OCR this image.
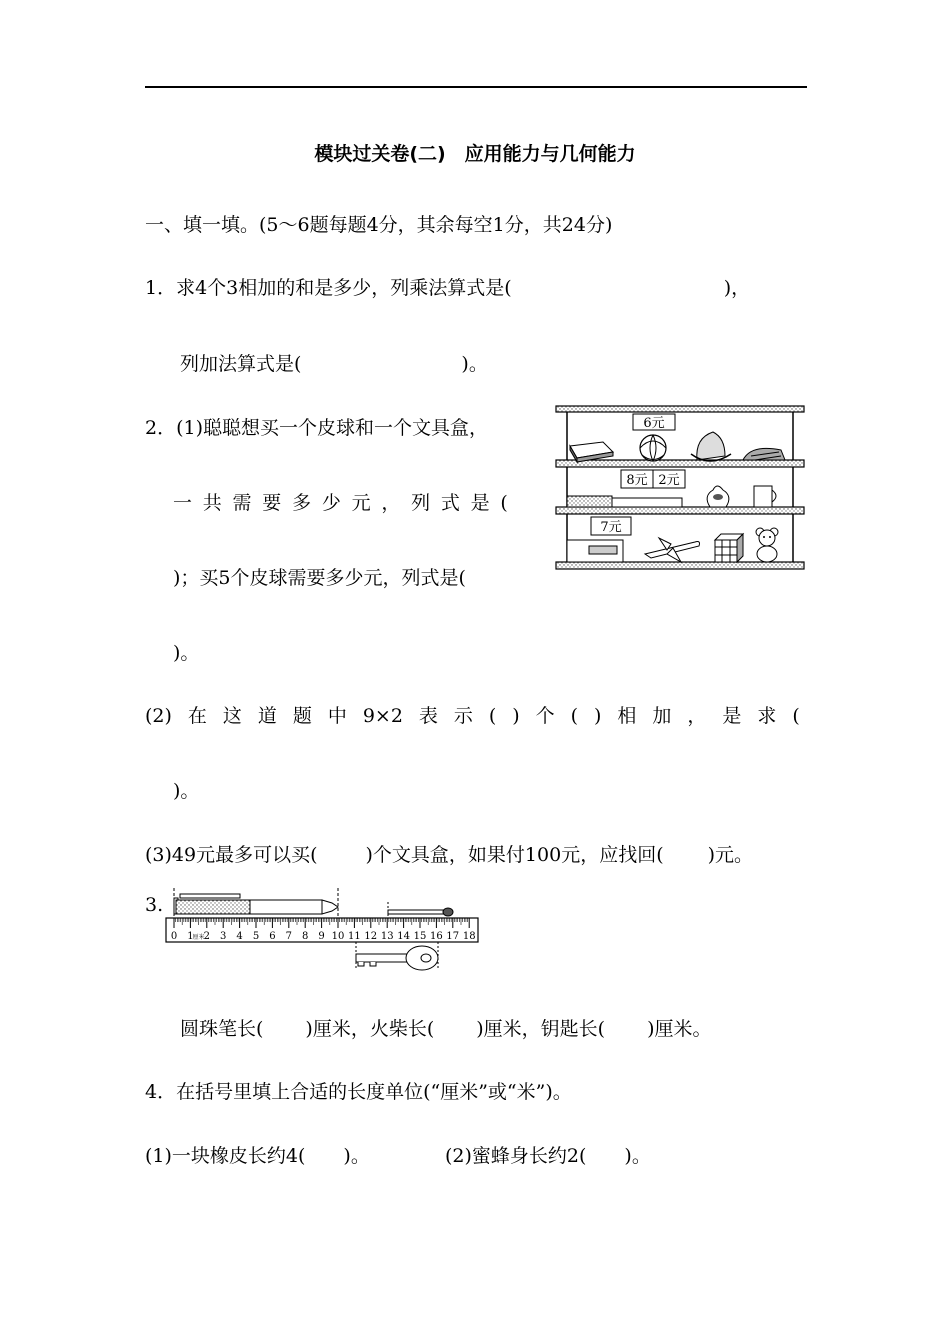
模块过关卷(二)　应用能力与几何能力
一、填一填。(5～6题每题4分，其余每空1分，共24分)
1．求4个3相加的和是多少，列乘法算式是(	)，
列加法算式是(	)。
2．(1)聪聪想买一个皮球和一个文具盒，
一 共 需 要 多 少 元 ， 列 式 是 (
)；买5个皮球需要多少元，列式是(
)。
6元
8元 2元
7元
(2) 在 这 道 题 中 9×2 表 示 ( ) 个 ( ) 相 加 ， 是 求 (
)。
(3)49元最多可以买(	)个文具盒，如果付100元，应找回( )元。
3.
0 1 2 3 4 5 6 7 8 9 10 11 12 13 14 15 16 17 18
厘米
圆珠笔长( )厘米，火柴长( )厘米，钥匙长( )厘米。
4．在括号里填上合适的长度单位(“厘米”或“米”)。
(1)一块橡皮长约4(　　)。	(2)蜜蜂身长约2(　　)。
